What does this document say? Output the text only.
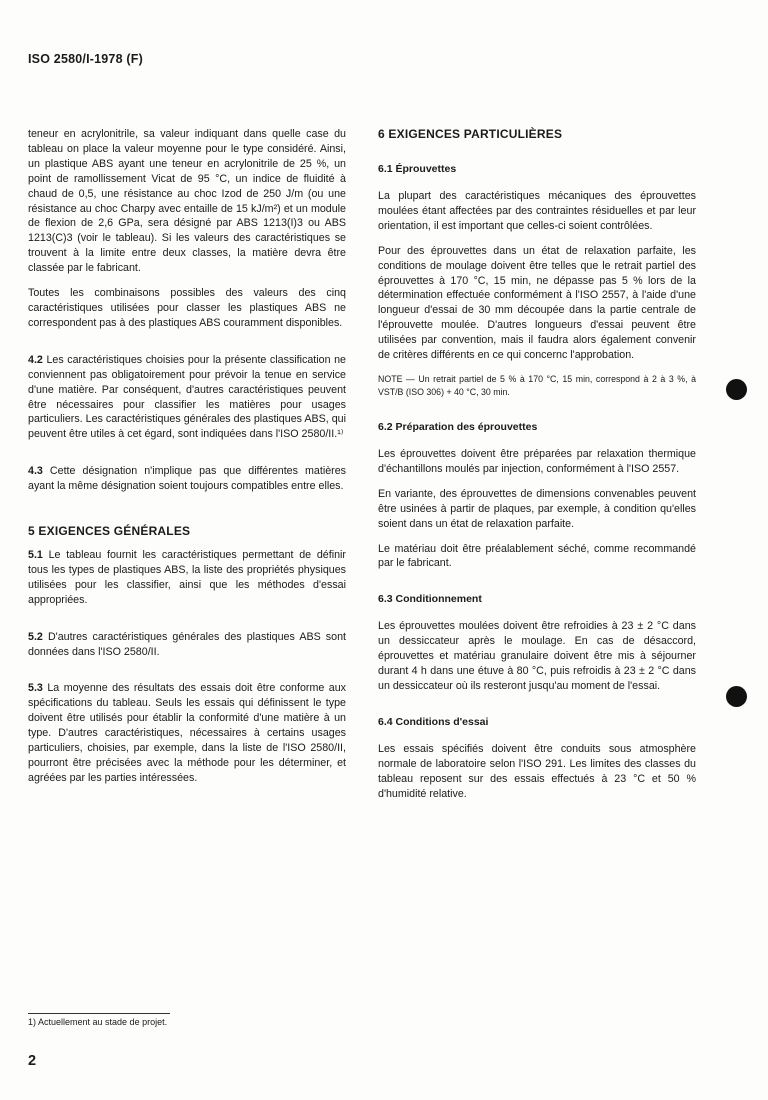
ISO 2580/I-1978 (F)

teneur en acrylonitrile, sa valeur indiquant dans quelle case du tableau on place la valeur moyenne pour le type considéré. Ainsi, un plastique ABS ayant une teneur en acrylonitrile de 25 %, un point de ramollissement Vicat de 95 °C, un indice de fluidité à chaud de 0,5, une résistance au choc Izod de 250 J/m (ou une résistance au choc Charpy avec entaille de 15 kJ/m²) et un module de flexion de 2,6 GPa, sera désigné par ABS 1213(I)3 ou ABS 1213(C)3 (voir le tableau). Si les valeurs des caractéristiques se trouvent à la limite entre deux classes, la matière devra être classée par le fabricant.

Toutes les combinaisons possibles des valeurs des cinq caractéristiques utilisées pour classer les plastiques ABS ne correspondent pas à des plastiques ABS couramment disponibles.

4.2 Les caractéristiques choisies pour la présente classification ne conviennent pas obligatoirement pour prévoir la tenue en service d'une matière. Par conséquent, d'autres caractéristiques peuvent être nécessaires pour classifier les matières pour usages particuliers. Les caractéristiques générales des plastiques ABS, qui peuvent être utiles à cet égard, sont indiquées dans l'ISO 2580/II.¹⁾

4.3 Cette désignation n'implique pas que différentes matières ayant la même désignation soient toujours compatibles entre elles.

5 EXIGENCES GÉNÉRALES

5.1 Le tableau fournit les caractéristiques permettant de définir tous les types de plastiques ABS, la liste des propriétés physiques utilisées pour les classifier, ainsi que les méthodes d'essai appropriées.

5.2 D'autres caractéristiques générales des plastiques ABS sont données dans l'ISO 2580/II.

5.3 La moyenne des résultats des essais doit être conforme aux spécifications du tableau. Seuls les essais qui définissent le type doivent être utilisés pour établir la conformité d'une matière à un type. D'autres caractéristiques, nécessaires à certains usages particuliers, choisies, par exemple, dans la liste de l'ISO 2580/II, pourront être précisées avec la méthode pour les déterminer, et agréées par les parties intéressées.

6 EXIGENCES PARTICULIÈRES
6.1 Éprouvettes

La plupart des caractéristiques mécaniques des éprouvettes moulées étant affectées par des contraintes résiduelles et par leur orientation, il est important que celles-ci soient contrôlées.

Pour des éprouvettes dans un état de relaxation parfaite, les conditions de moulage doivent être telles que le retrait partiel des éprouvettes à 170 °C, 15 min, ne dépasse pas 5 % lors de la détermination effectuée conformément à l'ISO 2557, à l'aide d'une longueur d'essai de 30 mm découpée dans la partie centrale de l'éprouvette moulée. D'autres longueurs d'essai peuvent être utilisées par convention, mais il faudra alors également convenir de critères différents en ce qui concernc l'approbation.

NOTE — Un retrait partiel de 5 % à 170 °C, 15 min, correspond à 2 à 3 %, à VST/B (ISO 306) + 40 °C, 30 min.
6.2 Préparation des éprouvettes

Les éprouvettes doivent être préparées par relaxation thermique d'échantillons moulés par injection, conformément à l'ISO 2557.

En variante, des éprouvettes de dimensions convenables peuvent être usinées à partir de plaques, par exemple, à condition qu'elles soient dans un état de relaxation parfaite.

Le matériau doit être préalablement séché, comme recommandé par le fabricant.

6.3 Conditionnement

Les éprouvettes moulées doivent être refroidies à 23 ± 2 °C dans un dessiccateur après le moulage. En cas de désaccord, éprouvettes et matériau granulaire doivent être mis à séjourner durant 4 h dans une étuve à 80 °C, puis refroidis à 23 ± 2 °C dans un dessiccateur où ils resteront jusqu'au moment de l'essai.

6.4 Conditions d'essai

Les essais spécifiés doivent être conduits sous atmosphère normale de laboratoire selon l'ISO 291. Les limites des classes du tableau reposent sur des essais effectués à 23 °C et 50 % d'humidité relative.

1) Actuellement au stade de projet.
2
